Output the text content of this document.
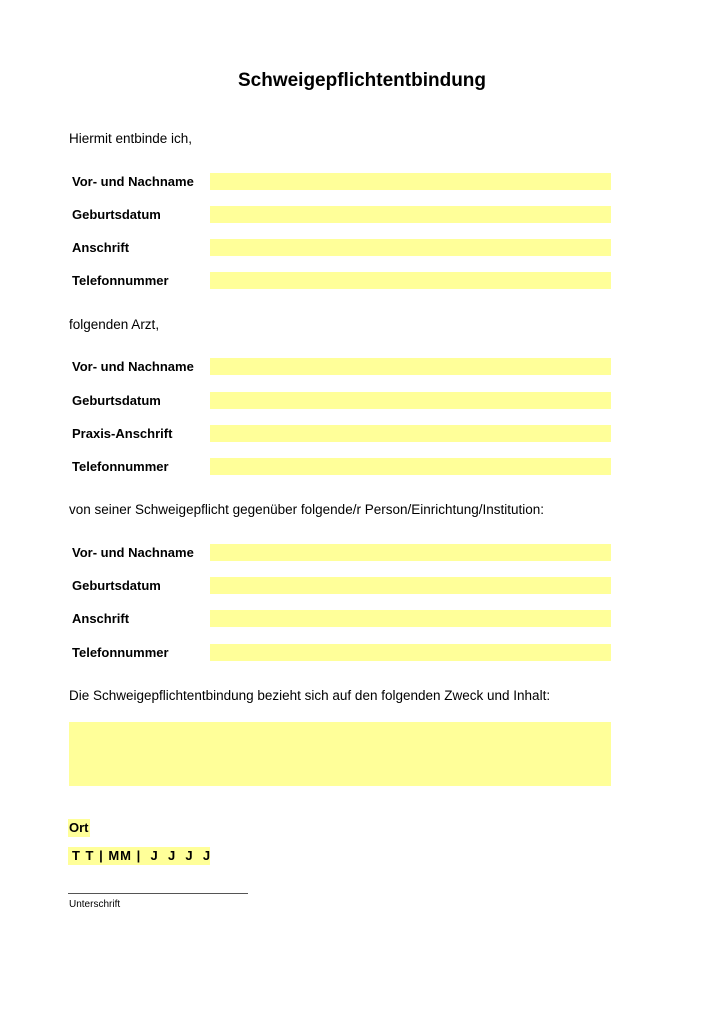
Schweigepflichtentbindung
Hiermit entbinde ich,
Vor- und Nachname
Geburtsdatum
Anschrift
Telefonnummer
folgenden Arzt,
Vor- und Nachname
Geburtsdatum
Praxis-Anschrift
Telefonnummer
von seiner Schweigepflicht gegenüber folgende/r Person/Einrichtung/Institution:
Vor- und Nachname
Geburtsdatum
Anschrift
Telefonnummer
Die Schweigepflichtentbindung bezieht sich auf den folgenden Zweck und Inhalt:
Ort
T T | MM |  J  J  J  J
Unterschrift
